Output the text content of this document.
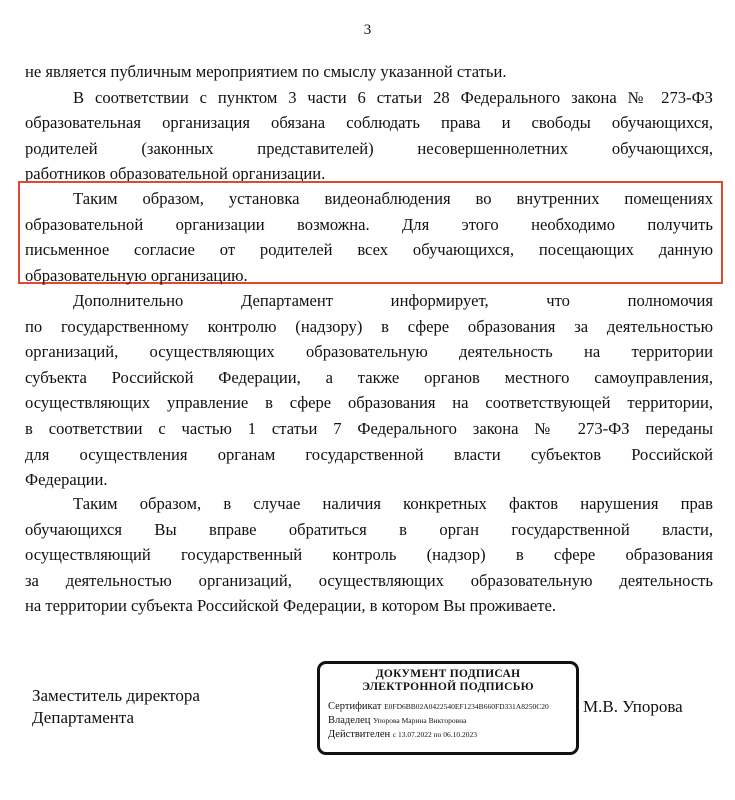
3
не является публичным мероприятием по смыслу указанной статьи.
В соответствии с пунктом 3 части 6 статьи 28 Федерального закона № 273-ФЗ
образовательная организация обязана соблюдать права и свободы обучающихся,
родителей (законных представителей) несовершеннолетних обучающихся,
работников образовательной организации.
Таким образом, установка видеонаблюдения во внутренних помещениях
образовательной организации возможна. Для этого необходимо получить
письменное согласие от родителей всех обучающихся, посещающих данную
образовательную организацию.
Дополнительно Департамент информирует, что полномочия
по государственному контролю (надзору) в сфере образования за деятельностью
организаций, осуществляющих образовательную деятельность на территории
субъекта Российской Федерации, а также органов местного самоуправления,
осуществляющих управление в сфере образования на соответствующей территории,
в соответствии с частью 1 статьи 7 Федерального закона № 273-ФЗ переданы
для осуществления органам государственной власти субъектов Российской
Федерации.
Таким образом, в случае наличия конкретных фактов нарушения прав
обучающихся Вы вправе обратиться в орган государственной власти,
осуществляющий государственный контроль (надзор) в сфере образования
за деятельностью организаций, осуществляющих образовательную деятельность
на территории субъекта Российской Федерации, в котором Вы проживаете.
Заместитель директора
Департамента
ДОКУМЕНТ ПОДПИСАН
ЭЛЕКТРОННОЙ ПОДПИСЬЮ
Сертификат E0FD6BB02A0422540EF1234B660FD331A8250C20
Владелец Упорова Марина Викторовна
Действителен с 13.07.2022 по 06.10.2023
М.В. Упорова
